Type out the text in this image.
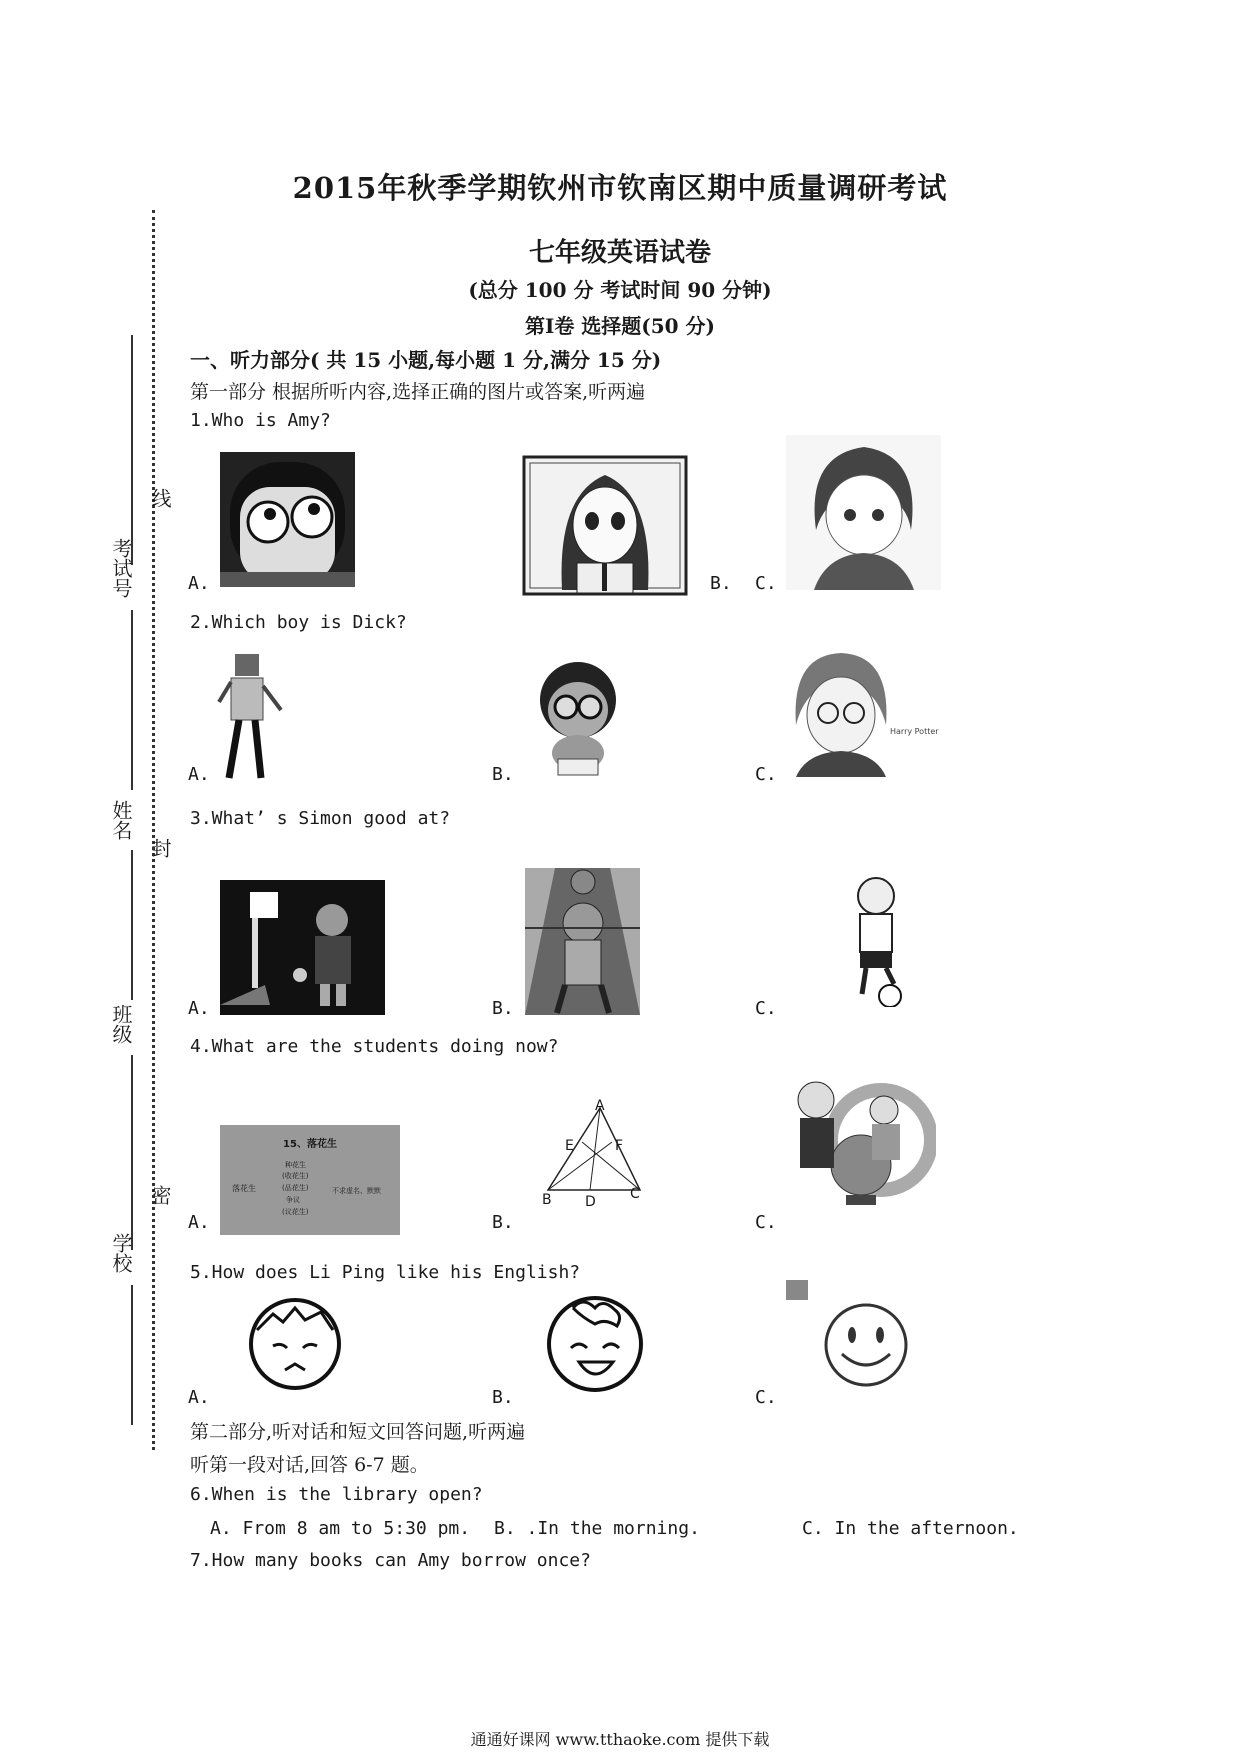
考试号
姓名
班级
学校
线
封
密
2015年秋季学期钦州市钦南区期中质量调研考试
七年级英语试卷
(总分 100 分 考试时间 90 分钟)
第Ⅰ卷 选择题(50 分)
一、听力部分( 共 15 小题,每小题 1 分,满分 15 分)
第一部分 根据所听内容,选择正确的图片或答案,听两遍
1.Who is Amy?
A.	B. C.
2.Which boy is Dick?
Harry Potter
A.	B.	C.
3.What’ s Simon good at?
A.	B.	C.
4.What are the students doing now?
15、落花生
落花生
种花生
(收花生)
(品花生)
争议
(议花生)
不求虚名、默默
A
E	F
B D C
A.	B.	C.
5.How does Li Ping like his English?
A.	B.	C.
第二部分,听对话和短文回答问题,听两遍
听第一段对话,回答 6-7 题。
6.When is the library open?
A. From 8 am to 5:30 pm. B. .In the morning.	C. In the afternoon.
7.How many books can Amy borrow once?
通通好课网 www.tthaoke.com 提供下载
